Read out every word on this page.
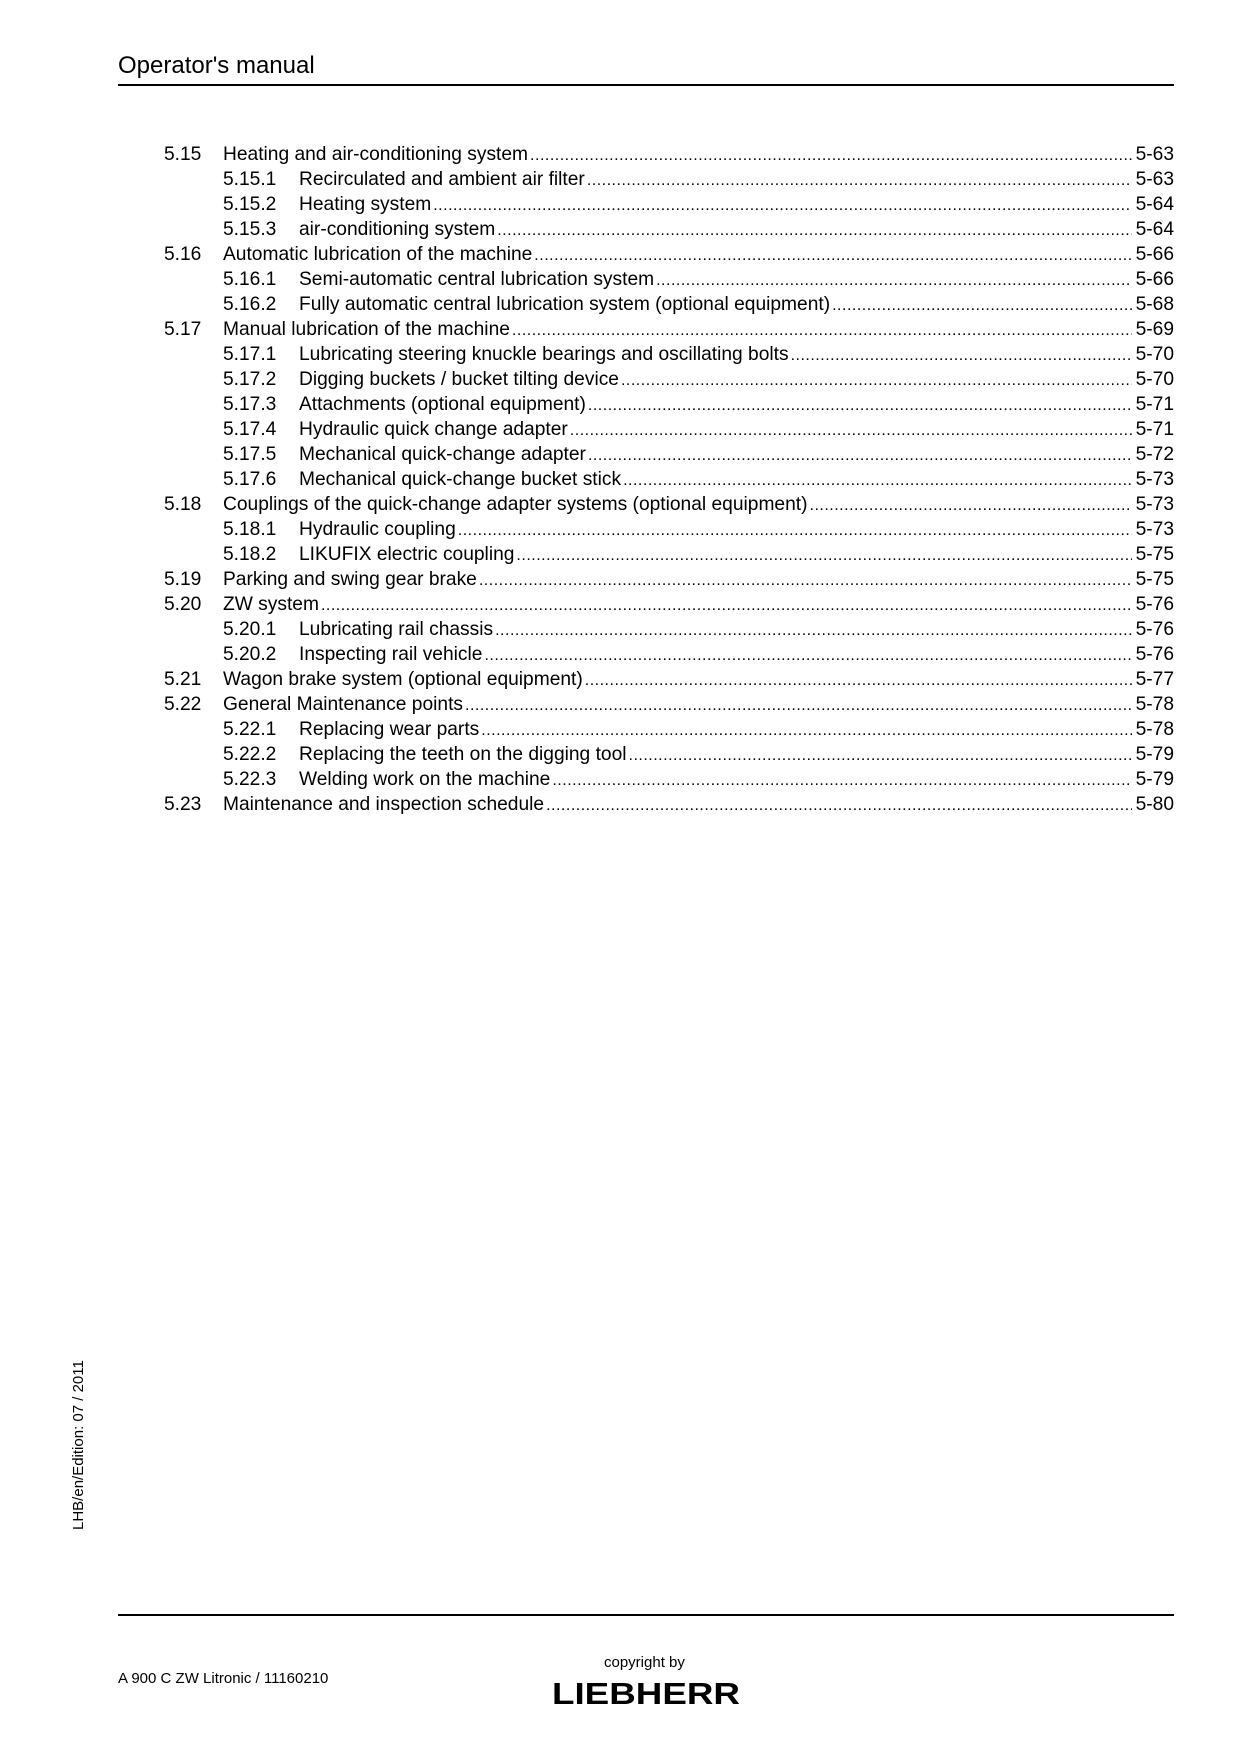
Operator's manual
5.15 Heating and air-conditioning system .....	5-63
5.15.1 Recirculated and ambient air filter .....	5-63
5.15.2 Heating system .....	5-64
5.15.3 air-conditioning system .....	5-64
5.16 Automatic lubrication of the machine .....	5-66
5.16.1 Semi-automatic central lubrication system .....	5-66
5.16.2 Fully automatic central lubrication system (optional equipment) .....	5-68
5.17 Manual lubrication of the machine .....	5-69
5.17.1 Lubricating steering knuckle bearings and oscillating bolts .....	5-70
5.17.2 Digging buckets / bucket tilting device .....	5-70
5.17.3 Attachments (optional equipment) .....	5-71
5.17.4 Hydraulic quick change adapter .....	5-71
5.17.5 Mechanical quick-change adapter .....	5-72
5.17.6 Mechanical quick-change bucket stick .....	5-73
5.18 Couplings of the quick-change adapter systems (optional equipment) .....	5-73
5.18.1 Hydraulic coupling .....	5-73
5.18.2 LIKUFIX electric coupling .....	5-75
5.19 Parking and swing gear brake .....	5-75
5.20 ZW system .....	5-76
5.20.1 Lubricating rail chassis .....	5-76
5.20.2 Inspecting rail vehicle .....	5-76
5.21 Wagon brake system (optional equipment) .....	5-77
5.22 General Maintenance points .....	5-78
5.22.1 Replacing wear parts .....	5-78
5.22.2 Replacing the teeth on the digging tool .....	5-79
5.22.3 Welding work on the machine .....	5-79
5.23 Maintenance and inspection schedule .....	5-80
LHB/en/Edition: 07 / 2011
A 900 C ZW Litronic / 11160210
copyright by
LIEBHERR
